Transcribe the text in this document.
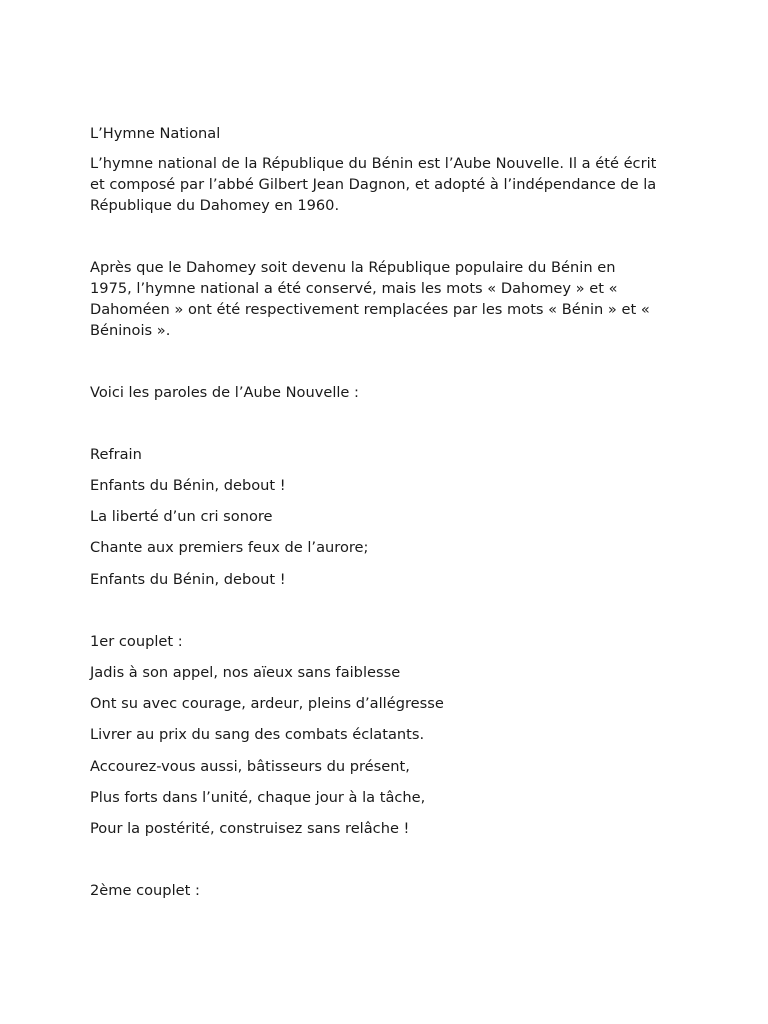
L’Hymne National

L’hymne national de la République du Bénin est l’Aube Nouvelle. Il a été écrit
et composé par l’abbé Gilbert Jean Dagnon, et adopté à l’indépendance de la
République du Dahomey en 1960.
Après que le Dahomey soit devenu la République populaire du Bénin en
1975, l’hymne national a été conservé, mais les mots « Dahomey » et «
Dahoméen » ont été respectivement remplacées par les mots « Bénin » et «
Béninois ».

Voici les paroles de l’Aube Nouvelle :

Refrain

Enfants du Bénin, debout !

La liberté d’un cri sonore

Chante aux premiers feux de l’aurore;

Enfants du Bénin, debout !

1er couplet :

Jadis à son appel, nos aïeux sans faiblesse

Ont su avec courage, ardeur, pleins d’allégresse

Livrer au prix du sang des combats éclatants.

Accourez-vous aussi, bâtisseurs du présent,

Plus forts dans l’unité, chaque jour à la tâche,

Pour la postérité, construisez sans relâche !

2ème couplet :
